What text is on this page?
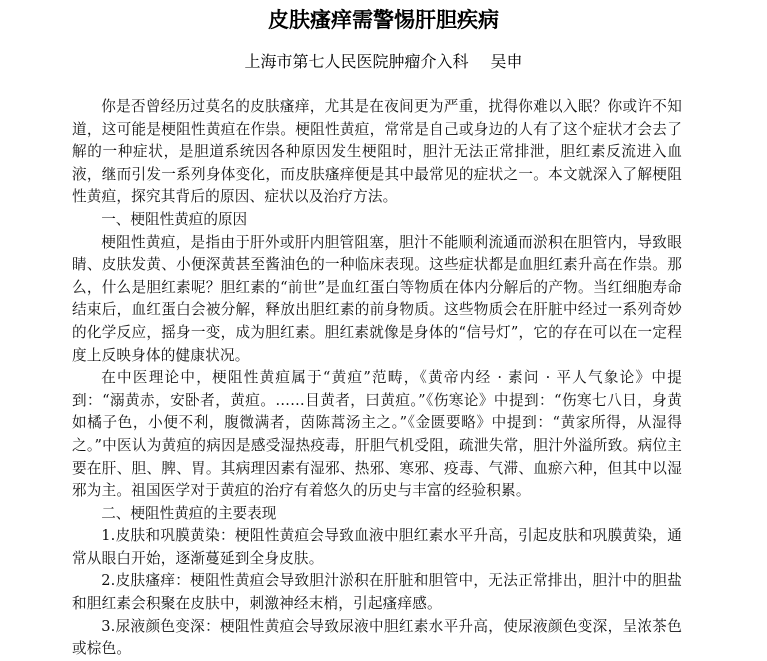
皮肤瘙痒需警惕肝胆疾病

上海市第七人民医院肿瘤介入科 吴申

你是否曾经历过莫名的皮肤瘙痒，尤其是在夜间更为严重，扰得你难以入眠？你或许不知道，这可能是梗阻性黄疸在作祟。梗阻性黄疸，常常是自己或身边的人有了这个症状才会去了解的一种症状，是胆道系统因各种原因发生梗阻时，胆汁无法正常排泄，胆红素反流进入血液，继而引发一系列身体变化，而皮肤瘙痒便是其中最常见的症状之一。本文就深入了解梗阻性黄疸，探究其背后的原因、症状以及治疗方法。

一、梗阻性黄疸的原因

梗阻性黄疸，是指由于肝外或肝内胆管阻塞，胆汁不能顺利流通而淤积在胆管内，导致眼睛、皮肤发黄、小便深黄甚至酱油色的一种临床表现。这些症状都是血胆红素升高在作祟。那么，什么是胆红素呢？胆红素的“前世”是血红蛋白等物质在体内分解后的产物。当红细胞寿命结束后，血红蛋白会被分解，释放出胆红素的前身物质。这些物质会在肝脏中经过一系列奇妙的化学反应，摇身一变，成为胆红素。胆红素就像是身体的“信号灯”，它的存在可以在一定程度上反映身体的健康状况。

在中医理论中，梗阻性黄疸属于“黄疸”范畴，《黄帝内经 · 素问 · 平人气象论》中提到：“溺黄赤，安卧者，黄疸。……目黄者，曰黄疸。”《伤寒论》中提到：“伤寒七八日，身黄如橘子色，小便不利，腹微满者，茵陈蒿汤主之。”《金匮要略》中提到：“黄家所得，从湿得之。”中医认为黄疸的病因是感受湿热疫毒，肝胆气机受阻，疏泄失常，胆汁外溢所致。病位主要在肝、胆、脾、胃。其病理因素有湿邪、热邪、寒邪、疫毒、气滞、血瘀六种，但其中以湿邪为主。祖国医学对于黄疸的治疗有着悠久的历史与丰富的经验积累。

二、梗阻性黄疸的主要表现

1.皮肤和巩膜黄染：梗阻性黄疸会导致血液中胆红素水平升高，引起皮肤和巩膜黄染，通常从眼白开始，逐渐蔓延到全身皮肤。

2.皮肤瘙痒：梗阻性黄疸会导致胆汁淤积在肝脏和胆管中，无法正常排出，胆汁中的胆盐和胆红素会积聚在皮肤中，刺激神经末梢，引起瘙痒感。

3.尿液颜色变深：梗阻性黄疸会导致尿液中胆红素水平升高，使尿液颜色变深，呈浓茶色或棕色。
